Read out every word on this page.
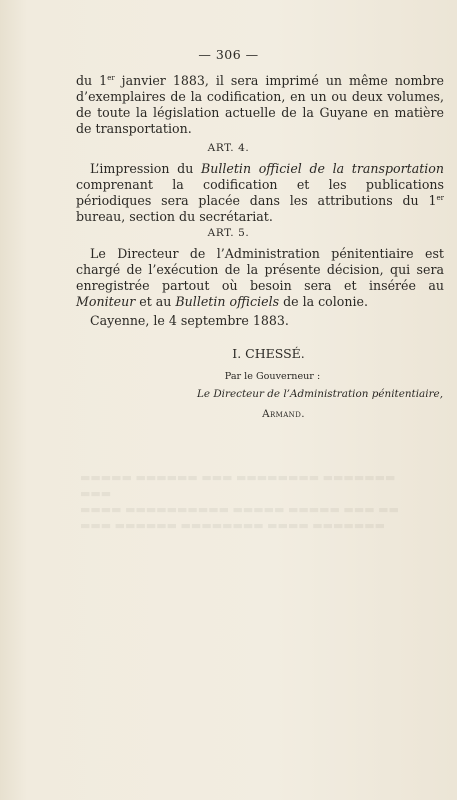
▬▬▬▬▬ ▬▬▬▬▬▬ ▬▬▬ ▬▬▬▬▬▬▬▬ ▬▬▬▬▬▬▬ ▬▬▬
▬▬▬▬ ▬▬▬▬▬▬▬▬▬▬ ▬▬▬▬▬ ▬▬▬▬▬ ▬▬▬ ▬▬
▬▬▬ ▬▬▬▬▬▬ ▬▬▬▬▬▬▬▬ ▬▬▬▬ ▬▬▬▬▬▬▬
— 306 —

du 1er janvier 1883, il sera imprimé un même nombre d’exemplaires de la codification, en un ou deux volumes, de toute la législation actuelle de la Guyane en matière de transportation.

ART. 4.

L’impression du Bulletin officiel de la transportation comprenant la codification et les publications périodiques sera placée dans les attributions du 1er bureau, section du secrétariat.

ART. 5.

Le Directeur de l’Administration pénitentiaire est chargé de l’exécution de la présente décision, qui sera enregistrée partout où besoin sera et insérée au Moniteur et au Bulletin officiels de la colonie.

Cayenne, le 4 septembre 1883.

I. CHESSÉ.
Par le Gouverneur :
Le Directeur de l’Administration pénitentiaire,
Armand.
